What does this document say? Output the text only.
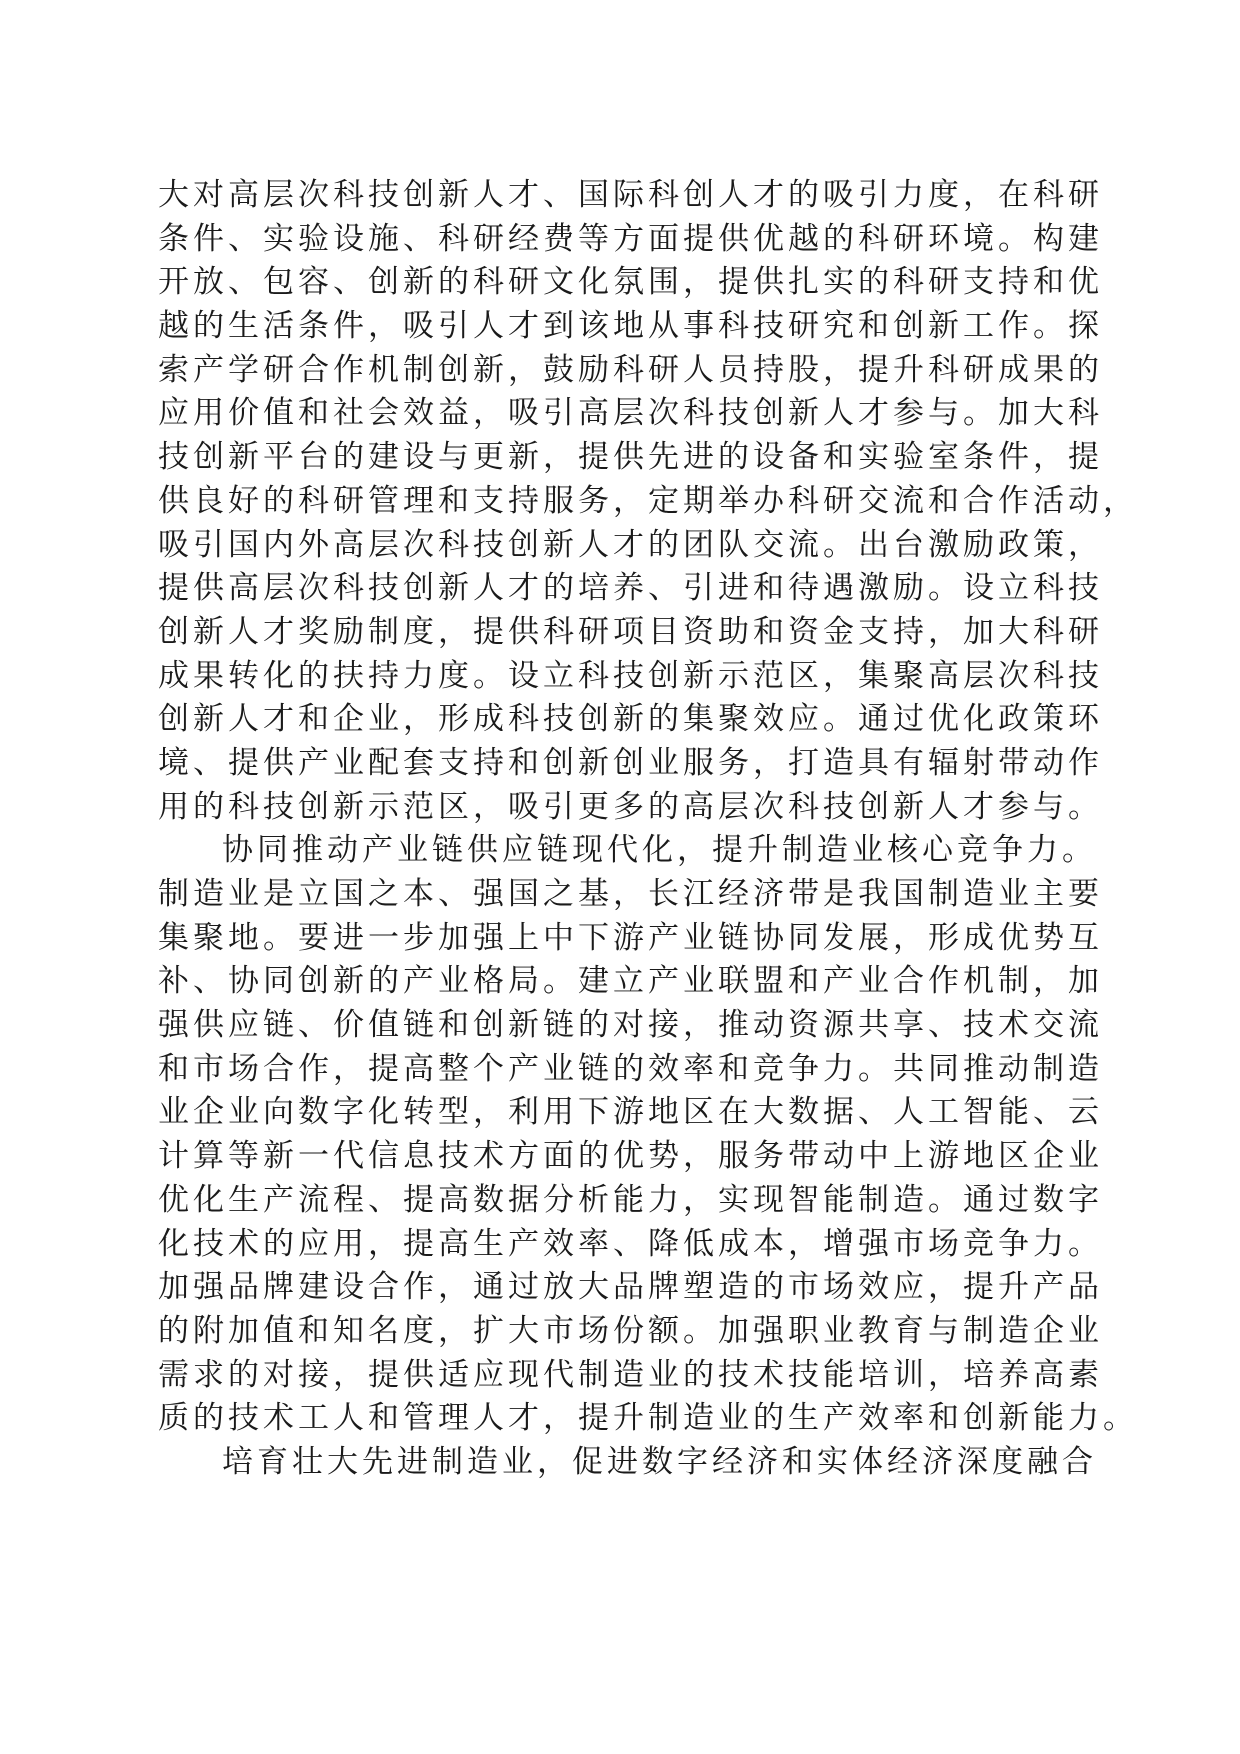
大对高层次科技创新人才、国际科创人才的吸引力度，在科研
条件、实验设施、科研经费等方面提供优越的科研环境。构建
开放、包容、创新的科研文化氛围，提供扎实的科研支持和优
越的生活条件，吸引人才到该地从事科技研究和创新工作。探
索产学研合作机制创新，鼓励科研人员持股，提升科研成果的
应用价值和社会效益，吸引高层次科技创新人才参与。加大科
技创新平台的建设与更新，提供先进的设备和实验室条件，提
供良好的科研管理和支持服务，定期举办科研交流和合作活动，
吸引国内外高层次科技创新人才的团队交流。出台激励政策，
提供高层次科技创新人才的培养、引进和待遇激励。设立科技
创新人才奖励制度，提供科研项目资助和资金支持，加大科研
成果转化的扶持力度。设立科技创新示范区，集聚高层次科技
创新人才和企业，形成科技创新的集聚效应。通过优化政策环
境、提供产业配套支持和创新创业服务，打造具有辐射带动作
用的科技创新示范区，吸引更多的高层次科技创新人才参与。
协同推动产业链供应链现代化，提升制造业核心竞争力。
制造业是立国之本、强国之基，长江经济带是我国制造业主要
集聚地。要进一步加强上中下游产业链协同发展，形成优势互
补、协同创新的产业格局。建立产业联盟和产业合作机制，加
强供应链、价值链和创新链的对接，推动资源共享、技术交流
和市场合作，提高整个产业链的效率和竞争力。共同推动制造
业企业向数字化转型，利用下游地区在大数据、人工智能、云
计算等新一代信息技术方面的优势，服务带动中上游地区企业
优化生产流程、提高数据分析能力，实现智能制造。通过数字
化技术的应用，提高生产效率、降低成本，增强市场竞争力。
加强品牌建设合作，通过放大品牌塑造的市场效应，提升产品
的附加值和知名度，扩大市场份额。加强职业教育与制造企业
需求的对接，提供适应现代制造业的技术技能培训，培养高素
质的技术工人和管理人才，提升制造业的生产效率和创新能力。
培育壮大先进制造业，促进数字经济和实体经济深度融合
